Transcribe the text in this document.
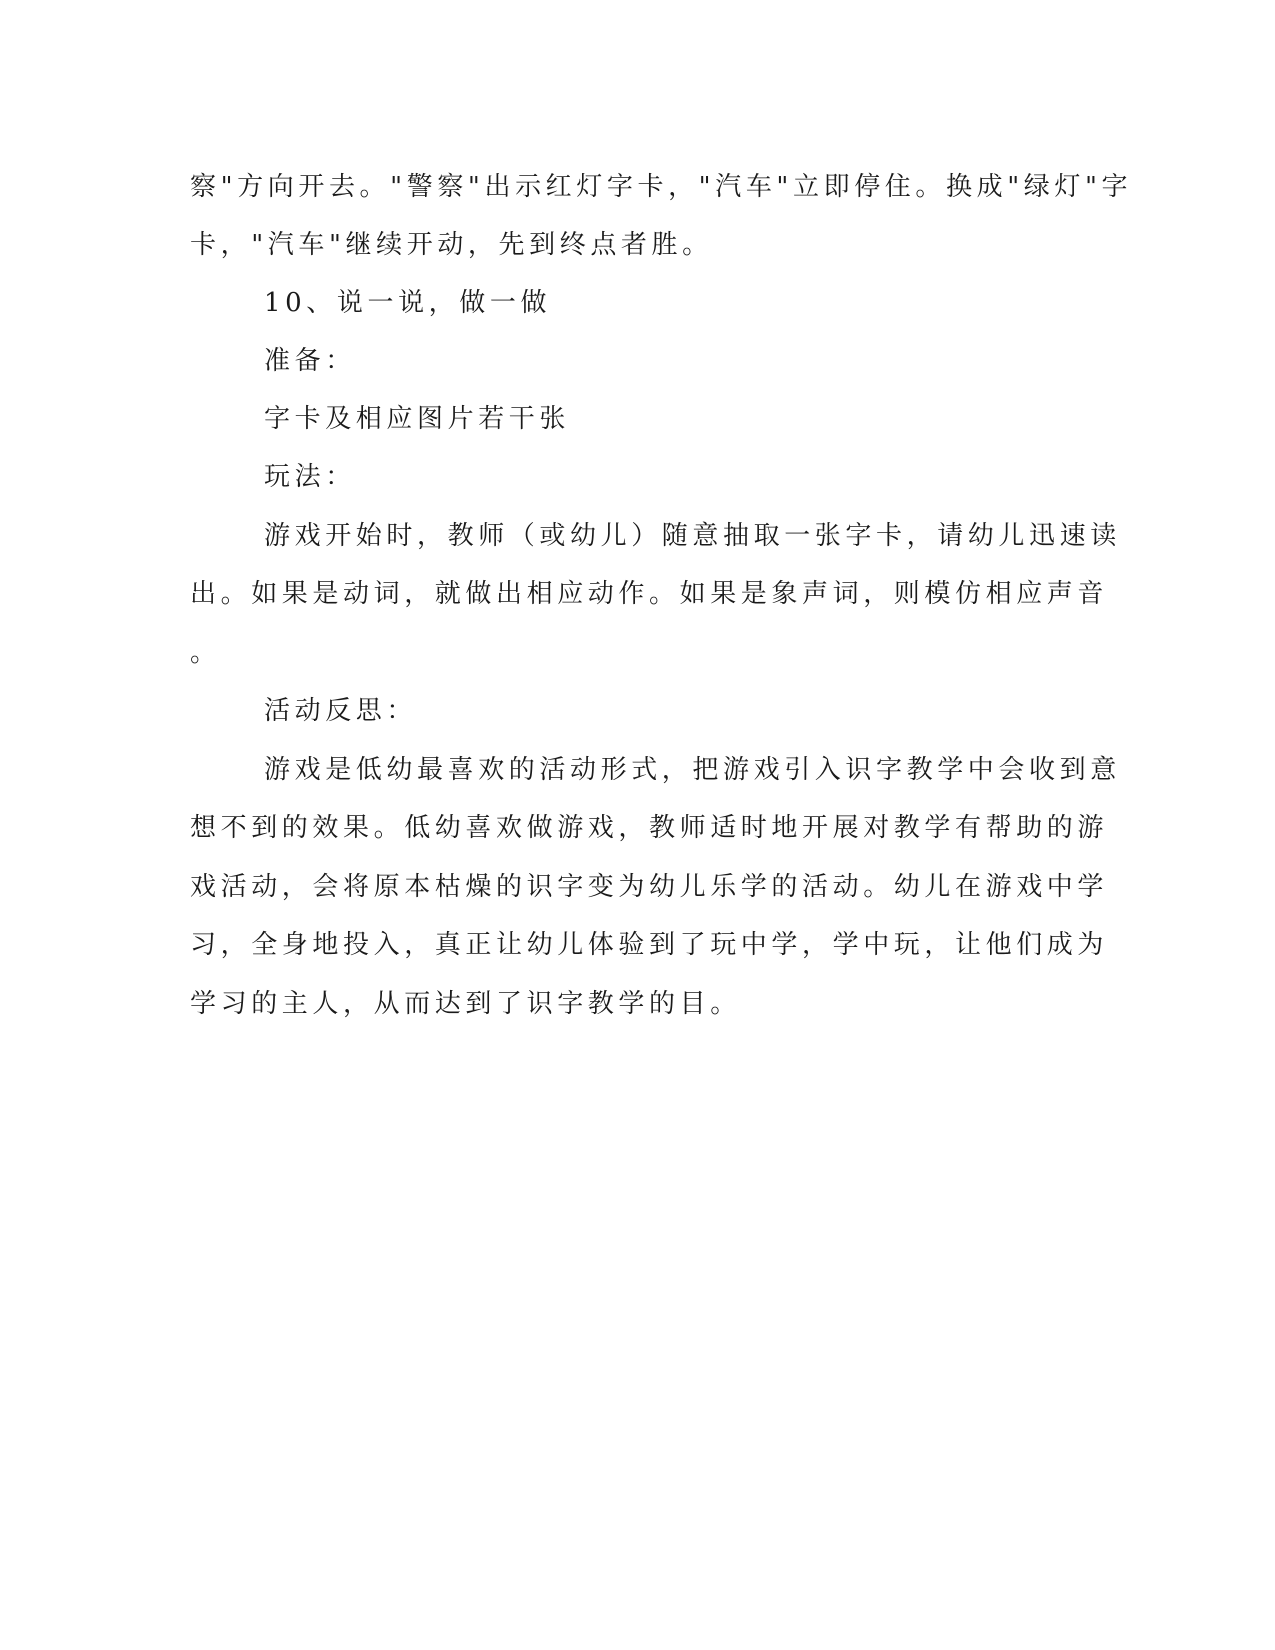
察"方向开去。"警察"出示红灯字卡，"汽车"立即停住。换成"绿灯"字
卡，"汽车"继续开动，先到终点者胜。
10、说一说，做一做
准备：
字卡及相应图片若干张
玩法：
游戏开始时，教师（或幼儿）随意抽取一张字卡，请幼儿迅速读
出。如果是动词，就做出相应动作。如果是象声词，则模仿相应声音
。
活动反思：
游戏是低幼最喜欢的活动形式，把游戏引入识字教学中会收到意
想不到的效果。低幼喜欢做游戏，教师适时地开展对教学有帮助的游
戏活动，会将原本枯燥的识字变为幼儿乐学的活动。幼儿在游戏中学
习，全身地投入，真正让幼儿体验到了玩中学，学中玩，让他们成为
学习的主人，从而达到了识字教学的目。
